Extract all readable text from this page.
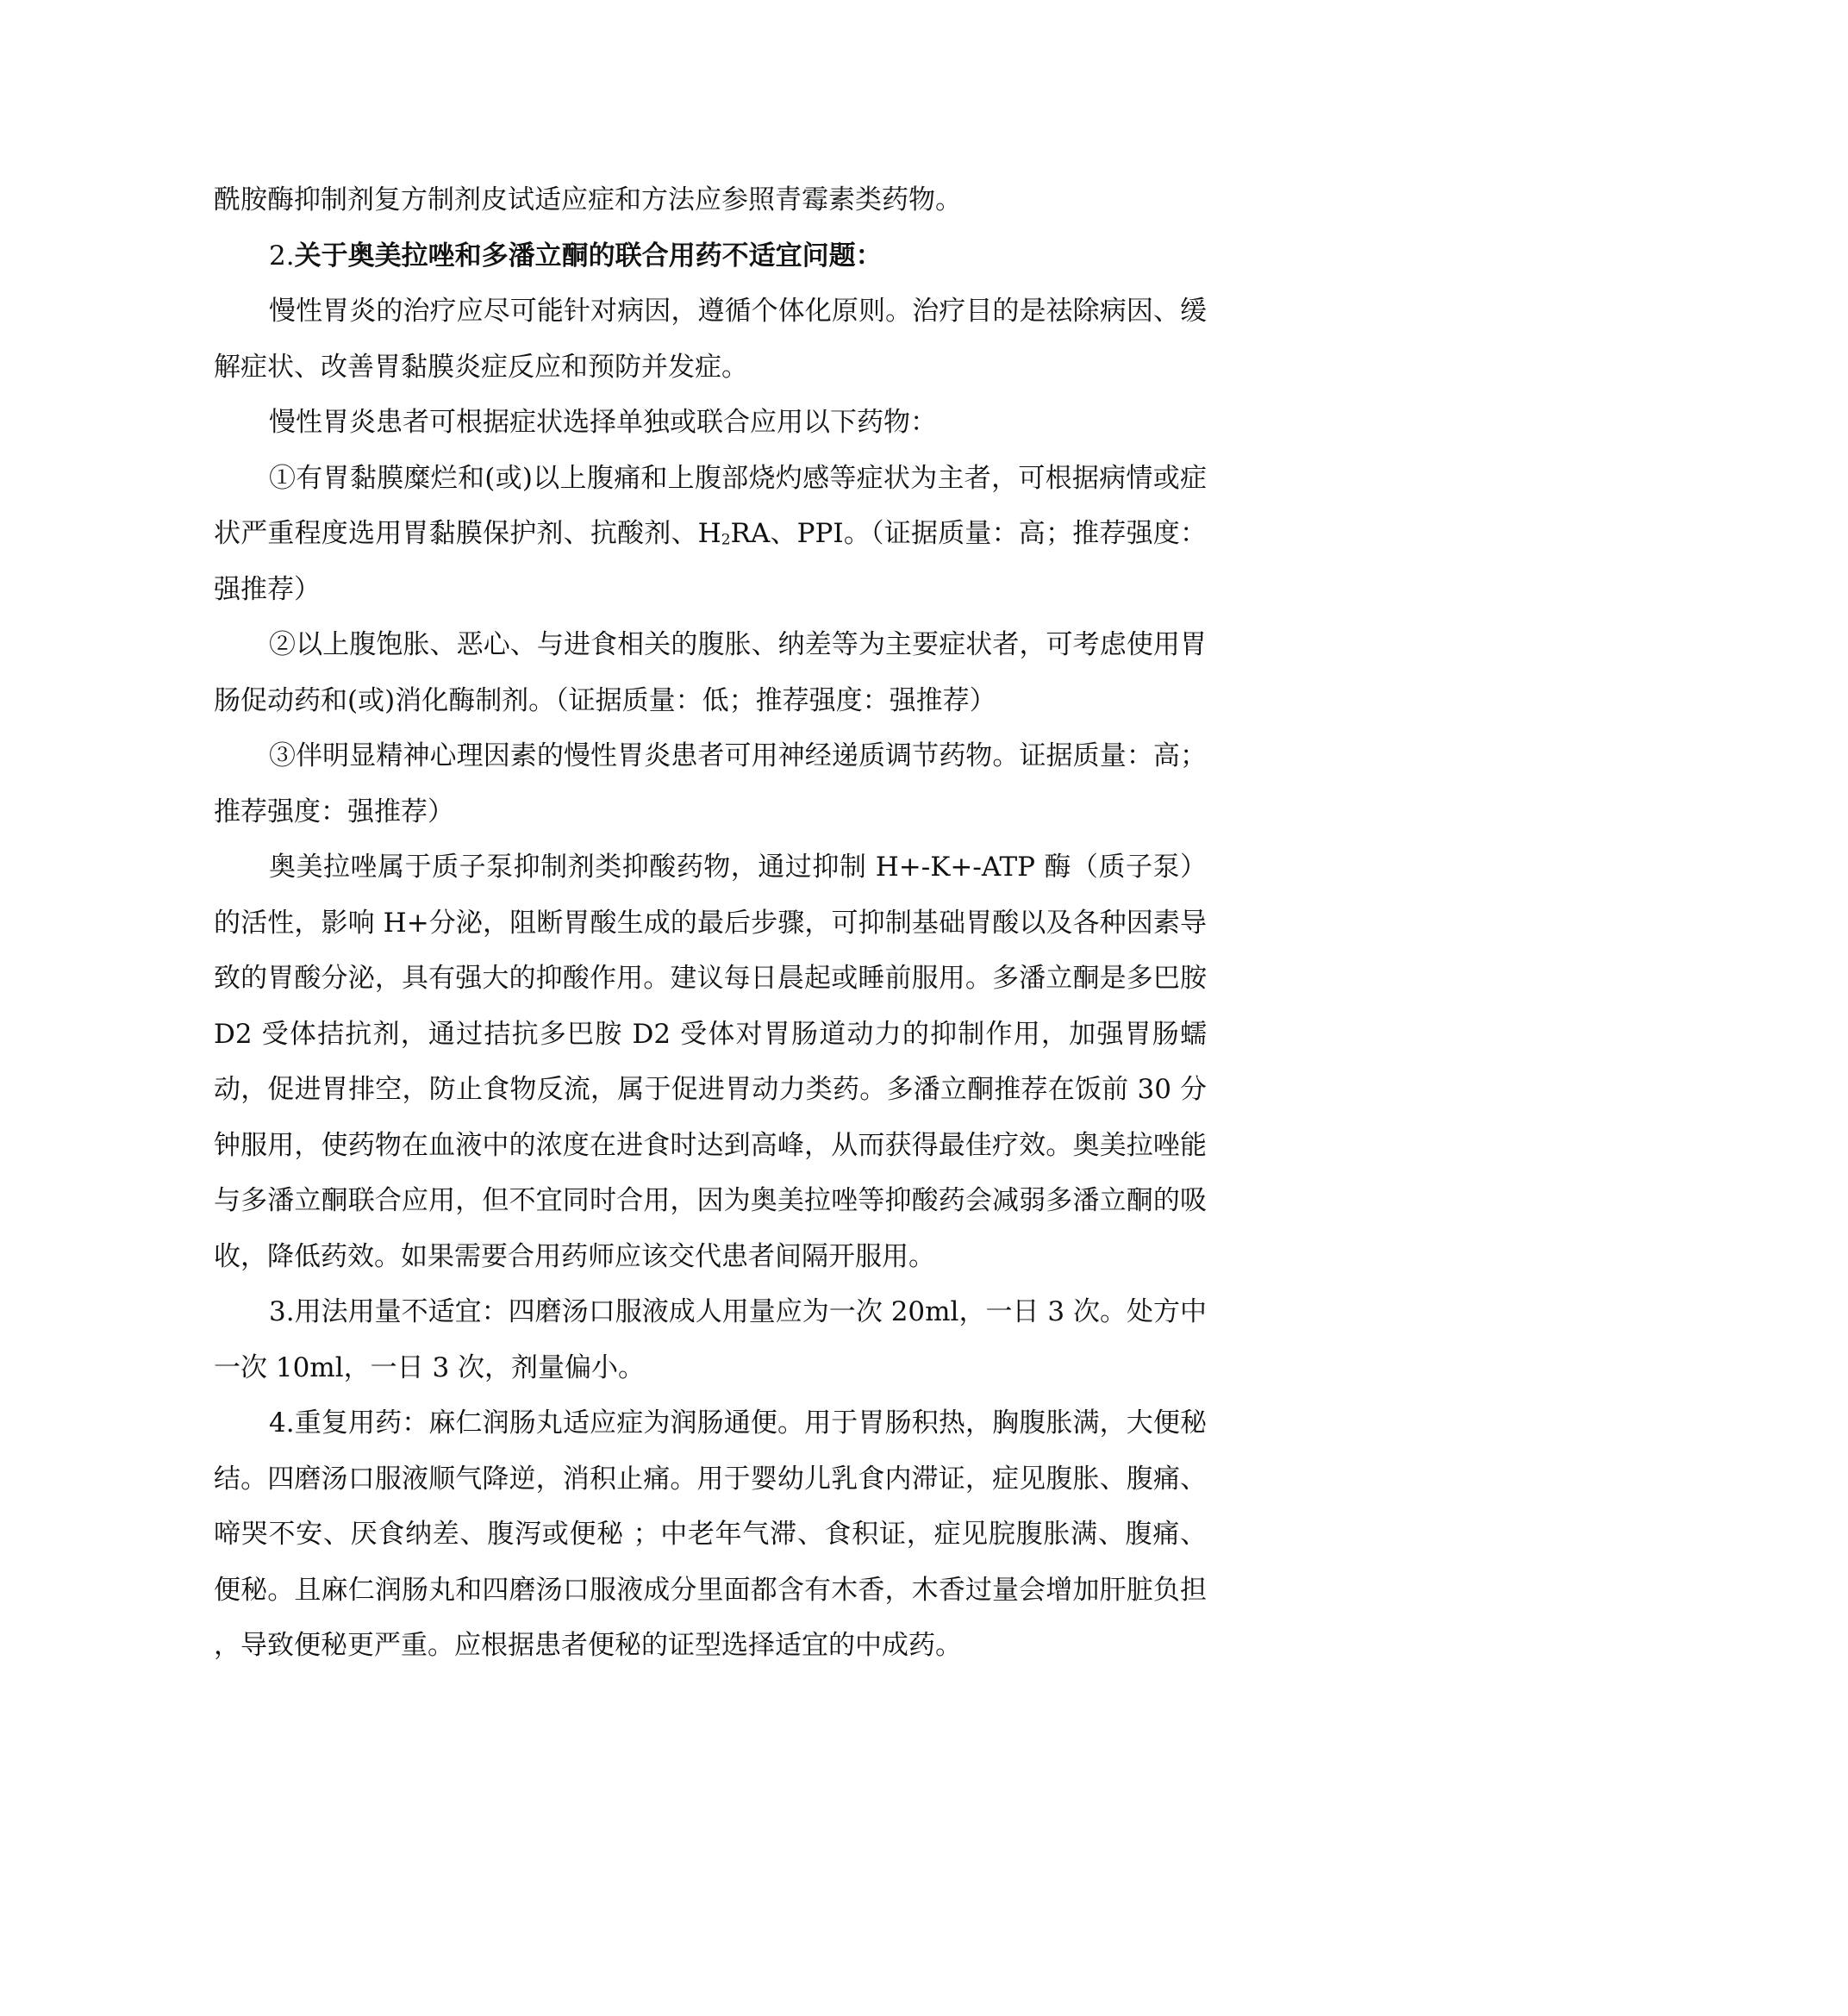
酰胺酶抑制剂复方制剂皮试适应症和方法应参照青霉素类药物。

2.关于奥美拉唑和多潘立酮的联合用药不适宜问题：

慢性胃炎的治疗应尽可能针对病因，遵循个体化原则。治疗目的是祛除病因、缓解症状、改善胃黏膜炎症反应和预防并发症。

慢性胃炎患者可根据症状选择单独或联合应用以下药物：

①有胃黏膜糜烂和(或)以上腹痛和上腹部烧灼感等症状为主者，可根据病情或症状严重程度选用胃黏膜保护剂、抗酸剂、$H_2RA$、PPI。（证据质量：高；推荐强度：强推荐）

②以上腹饱胀、恶心、与进食相关的腹胀、纳差等为主要症状者，可考虑使用胃肠促动药和(或)消化酶制剂。（证据质量：低；推荐强度：强推荐）

③伴明显精神心理因素的慢性胃炎患者可用神经递质调节药物。证据质量：高；推荐强度：强推荐）

奥美拉唑属于质子泵抑制剂类抑酸药物，通过抑制 H+-K+-ATP 酶（质子泵）的活性，影响 H+分泌，阻断胃酸生成的最后步骤，可抑制基础胃酸以及各种因素导致的胃酸分泌，具有强大的抑酸作用。建议每日晨起或睡前服用。多潘立酮是多巴胺 D2 受体拮抗剂，通过拮抗多巴胺 D2 受体对胃肠道动力的抑制作用，加强胃肠蠕动，促进胃排空，防止食物反流，属于促进胃动力类药。多潘立酮推荐在饭前 30 分钟服用，使药物在血液中的浓度在进食时达到高峰，从而获得最佳疗效。奥美拉唑能与多潘立酮联合应用，但不宜同时合用，因为奥美拉唑等抑酸药会减弱多潘立酮的吸收，降低药效。如果需要合用药师应该交代患者间隔开服用。

3.用法用量不适宜：四磨汤口服液成人用量应为一次 20ml，一日 3 次。处方中一次 10ml，一日 3 次，剂量偏小。

4.重复用药：麻仁润肠丸适应症为润肠通便。用于胃肠积热，胸腹胀满，大便秘结。四磨汤口服液顺气降逆，消积止痛。用于婴幼儿乳食内滞证，症见腹胀、腹痛、啼哭不安、厌食纳差、腹泻或便秘 ；中老年气滞、食积证，症见脘腹胀满、腹痛、便秘。且麻仁润肠丸和四磨汤口服液成分里面都含有木香，木香过量会增加肝脏负担 ，导致便秘更严重。应根据患者便秘的证型选择适宜的中成药。
